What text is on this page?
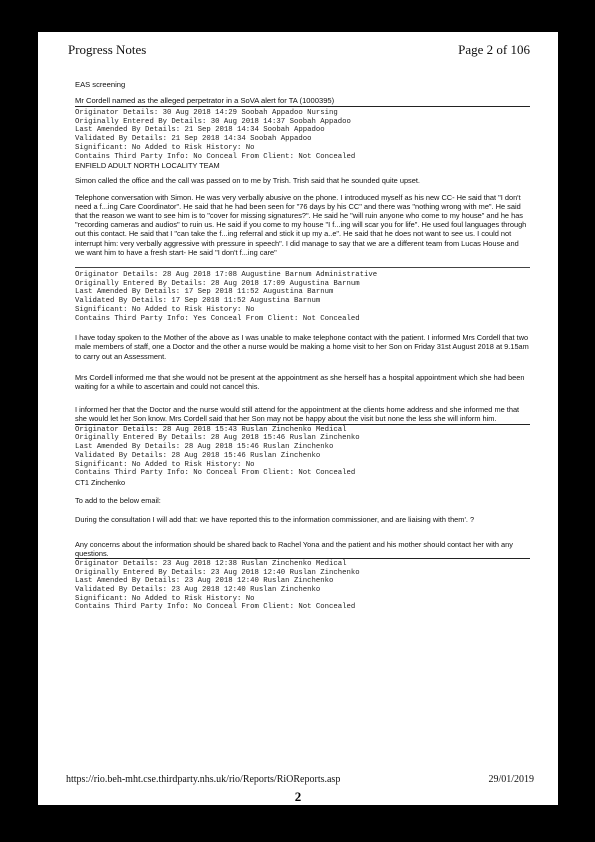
Progress Notes	Page 2 of 106
EAS screening
Mr Cordell named as the alleged perpetrator in a SoVA alert for TA (1000395)
Originator Details: 30 Aug 2018 14:29 Soobah Appadoo Nursing
Originally Entered By Details: 30 Aug 2018 14:37 Soobah Appadoo
Last Amended By Details: 21 Sep 2018 14:34 Soobah Appadoo
Validated By Details: 21 Sep 2018 14:34 Soobah Appadoo
Significant: No Added to Risk History: No
Contains Third Party Info: No Conceal From Client: Not Concealed
ENFIELD ADULT NORTH LOCALITY TEAM
Simon called the office and the call was passed on to me by Trish. Trish said that he sounded quite upset.
Telephone conversation with Simon. He was very verbally abusive on the phone. I introduced myself as his new CC- He said that "I don't need a f...ing Care Coordinator". He said that he had been seen for "76 days by his CC" and there was "nothing wrong with me". He said that the reason we want to see him is to "cover for missing signatures?". He said he "will ruin anyone who come to my house" and he has "recording cameras and audios" to ruin us. He said if you come to my house "I f...ing will scar you for life". He used foul languages through out this contact. He said that I "can take the f...ing referral and stick it up my a..e". He said that he does not want to see us. I could not interrupt him: very verbally aggressive with pressure in speech". I did manage to say that we are a different team from Lucas House and we want him to have a fresh start- He said "I don't f...ing care"
Originator Details: 28 Aug 2018 17:08 Augustine Barnum Administrative
Originally Entered By Details: 28 Aug 2018 17:09 Augustina Barnum
Last Amended By Details: 17 Sep 2018 11:52 Augustina Barnum
Validated By Details: 17 Sep 2018 11:52 Augustina Barnum
Significant: No Added to Risk History: No
Contains Third Party Info: Yes Conceal From Client: Not Concealed
I have today spoken to the Mother of the above as I was unable to make telephone contact with the patient. I informed Mrs Cordell that two male members of staff, one a Doctor and the other a nurse would be making a home visit to her Son on Friday 31st August 2018 at 9.15am to carry out an Assessment.
Mrs Cordell informed me that she would not be present at the appointment as she herself has a hospital appointment which she had been waiting for a while to ascertain and could not cancel this.
I informed her that the Doctor and the nurse would still attend for the appointment at the clients home address and she informed me that she would let her Son know. Mrs Cordell said that her Son may not be happy about the visit but none the less she will inform him.
Originator Details: 28 Aug 2018 15:43 Ruslan Zinchenko Medical
Originally Entered By Details: 28 Aug 2018 15:46 Ruslan Zinchenko
Last Amended By Details: 28 Aug 2018 15:46 Ruslan Zinchenko
Validated By Details: 28 Aug 2018 15:46 Ruslan Zinchenko
Significant: No Added to Risk History: No
Contains Third Party Info: No Conceal From Client: Not Concealed
CT1 Zinchenko
To add to the below email:
During the consultation I will add that: we have reported this to the information commissioner, and are liaising with them'. ?
Any concerns about the information should be shared back to Rachel Yona and the patient and his mother should contact her with any questions.
Originator Details: 23 Aug 2018 12:38 Ruslan Zinchenko Medical
Originally Entered By Details: 23 Aug 2018 12:40 Ruslan Zinchenko
Last Amended By Details: 23 Aug 2018 12:40 Ruslan Zinchenko
Validated By Details: 23 Aug 2018 12:40 Ruslan Zinchenko
Significant: No Added to Risk History: No
Contains Third Party Info: No Conceal From Client: Not Concealed
https://rio.beh-mht.cse.thirdparty.nhs.uk/rio/Reports/RiOReports.asp	29/01/2019
2
